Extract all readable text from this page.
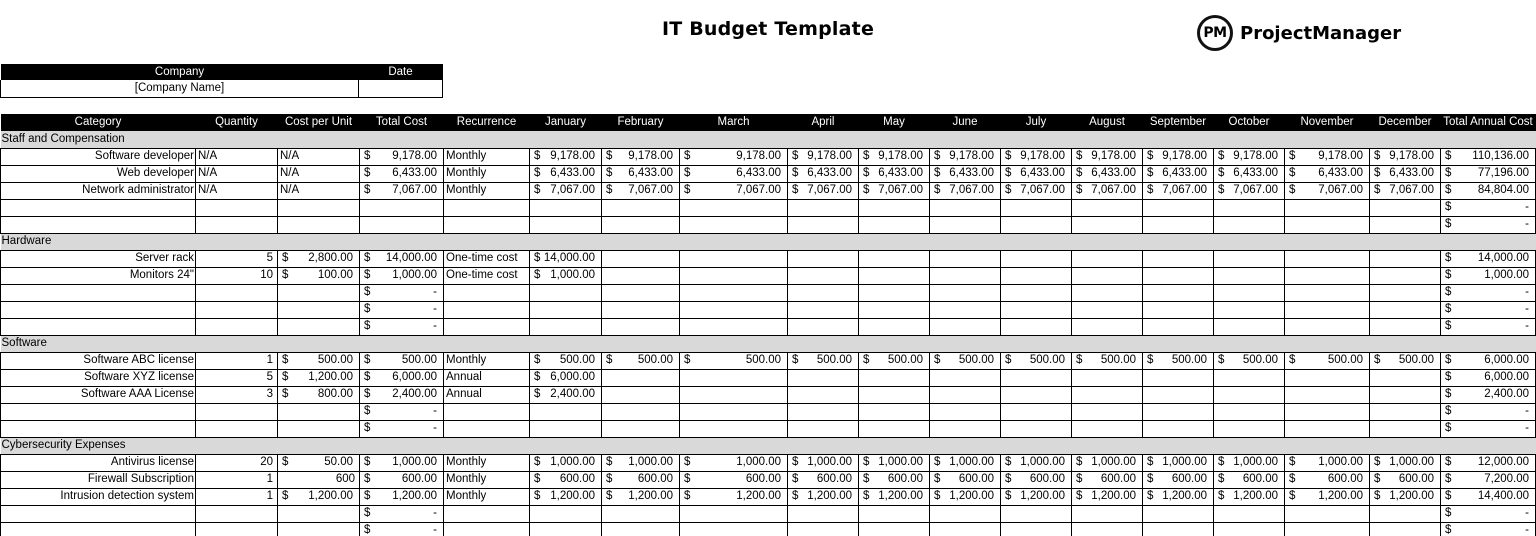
IT Budget Template	PM ProjectManager
Company	Date
[Company Name]	
Category	Quantity	Cost per Unit	Total Cost	Recurrence	January	February	March	April	May	June	July	August	September	October	November	December	Total Annual Cost
Staff and Compensation																	
Software developer	N/A	N/A	$ 9,178.00	Monthly	$ 9,178.00	$ 9,178.00	$ 9,178.00	$ 9,178.00	$ 9,178.00	$ 9,178.00	$ 9,178.00	$ 9,178.00	$ 9,178.00	$ 9,178.00	$ 9,178.00	$ 9,178.00	$ 110,136.00

Web developer	N/A	N/A	$ 6,433.00	Monthly	$ 6,433.00	$ 6,433.00	$ 6,433.00	$ 6,433.00	$ 6,433.00	$ 6,433.00	$ 6,433.00	$ 6,433.00	$ 6,433.00	$ 6,433.00	$ 6,433.00	$ 6,433.00	$ 77,196.00

Network administrator	N/A	N/A	$ 7,067.00	Monthly	$ 7,067.00	$ 7,067.00	$ 7,067.00	$ 7,067.00	$ 7,067.00	$ 7,067.00	$ 7,067.00	$ 7,067.00	$ 7,067.00	$ 7,067.00	$ 7,067.00	$ 7,067.00	$ 84,804.00

																	$ -

																	$ -

Hardware																	
Server rack	5	$ 2,800.00	$ 14,000.00	One-time cost	$ 14,000.00												$ 14,000.00

Monitors 24"	10	$ 100.00	$ 1,000.00	One-time cost	$ 1,000.00												$ 1,000.00

			$ -														$ -

			$ -														$ -

			$ -														$ -

Software																	
Software ABC license	1	$ 500.00	$ 500.00	Monthly	$ 500.00	$ 500.00	$ 500.00	$ 500.00	$ 500.00	$ 500.00	$ 500.00	$ 500.00	$ 500.00	$ 500.00	$ 500.00	$ 500.00	$ 6,000.00

Software XYZ license	5	$ 1,200.00	$ 6,000.00	Annual	$ 6,000.00												$ 6,000.00

Software AAA License	3	$ 800.00	$ 2,400.00	Annual	$ 2,400.00												$ 2,400.00

			$ -														$ -

			$ -														$ -

Cybersecurity Expenses																	
Antivirus license	20	$ 50.00	$ 1,000.00	Monthly	$ 1,000.00	$ 1,000.00	$ 1,000.00	$ 1,000.00	$ 1,000.00	$ 1,000.00	$ 1,000.00	$ 1,000.00	$ 1,000.00	$ 1,000.00	$ 1,000.00	$ 1,000.00	$ 12,000.00

Firewall Subscription	1	600	$ 600.00	Monthly	$ 600.00	$ 600.00	$ 600.00	$ 600.00	$ 600.00	$ 600.00	$ 600.00	$ 600.00	$ 600.00	$ 600.00	$ 600.00	$ 600.00	$ 7,200.00

Intrusion detection system	1	$ 1,200.00	$ 1,200.00	Monthly	$ 1,200.00	$ 1,200.00	$ 1,200.00	$ 1,200.00	$ 1,200.00	$ 1,200.00	$ 1,200.00	$ 1,200.00	$ 1,200.00	$ 1,200.00	$ 1,200.00	$ 1,200.00	$ 14,400.00

			$ -														$ -

			$ -														$ -
